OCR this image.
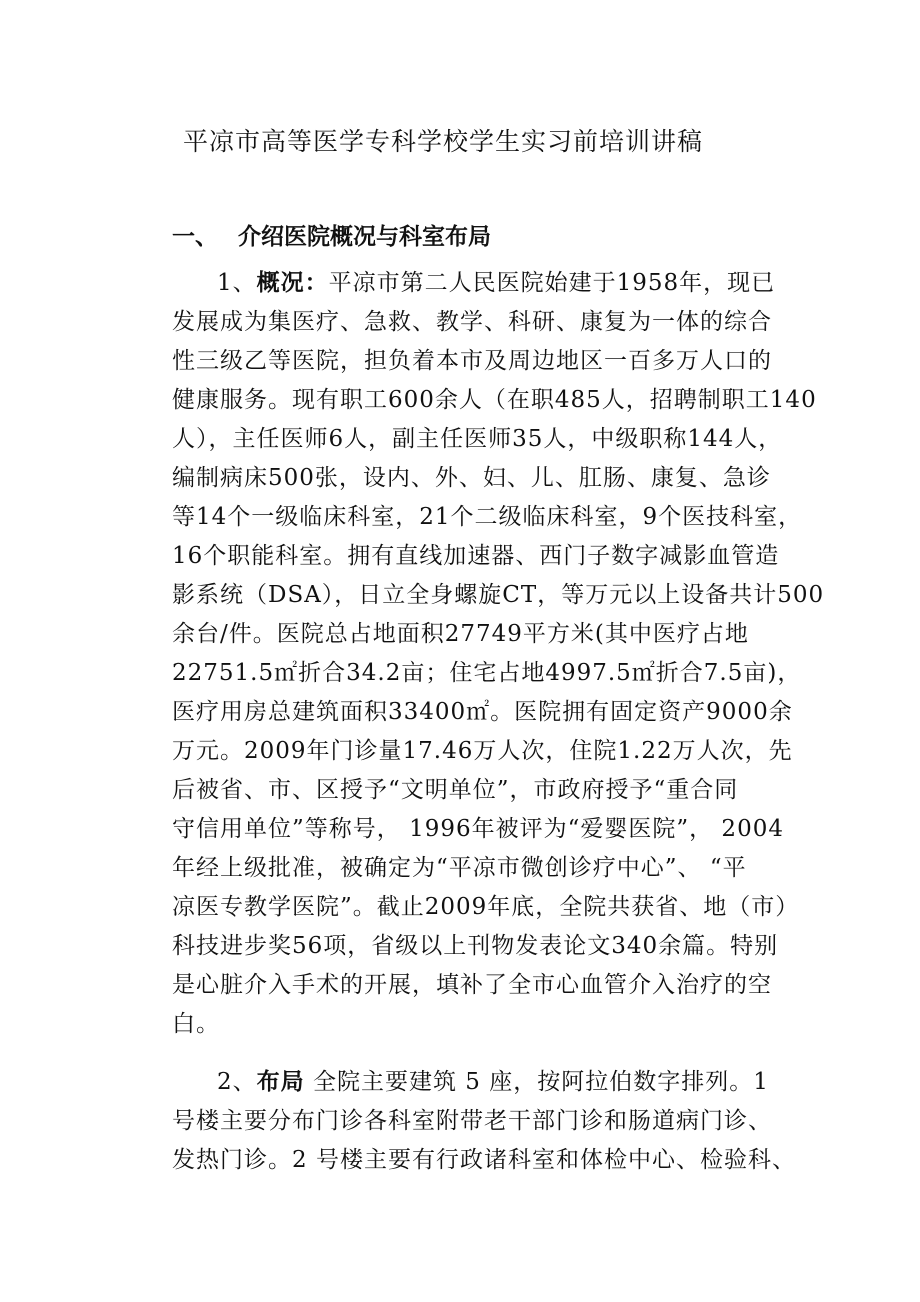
平凉市高等医学专科学校学生实习前培训讲稿
一、 介绍医院概况与科室布局
1、概况：平凉市第二人民医院始建于1958年，现已
发展成为集医疗、急救、教学、科研、康复为一体的综合
性三级乙等医院，担负着本市及周边地区一百多万人口的
健康服务。现有职工600余人（在职485人，招聘制职工140
人），主任医师6人，副主任医师35人，中级职称144人，
编制病床500张，设内、外、妇、儿、肛肠、康复、急诊
等14个一级临床科室，21个二级临床科室，9个医技科室，
16个职能科室。拥有直线加速器、西门子数字减影血管造
影系统（DSA），日立全身螺旋CT，等万元以上设备共计500
余台/件。医院总占地面积27749平方米(其中医疗占地
22751.5㎡折合34.2亩；住宅占地4997.5㎡折合7.5亩)，
医疗用房总建筑面积33400㎡。医院拥有固定资产9000余
万元。2009年门诊量17.46万人次，住院1.22万人次，先
后被省、市、区授予“文明单位”，市政府授予“重合同
守信用单位”等称号， 1996年被评为“爱婴医院”， 2004
年经上级批准，被确定为“平凉市微创诊疗中心”、 “平
凉医专教学医院”。截止2009年底，全院共获省、地（市）
科技进步奖56项，省级以上刊物发表论文340余篇。特别
是心脏介入手术的开展，填补了全市心血管介入治疗的空
白。
2、布局 全院主要建筑 5 座，按阿拉伯数字排列。1
号楼主要分布门诊各科室附带老干部门诊和肠道病门诊、
发热门诊。2 号楼主要有行政诸科室和体检中心、检验科、
